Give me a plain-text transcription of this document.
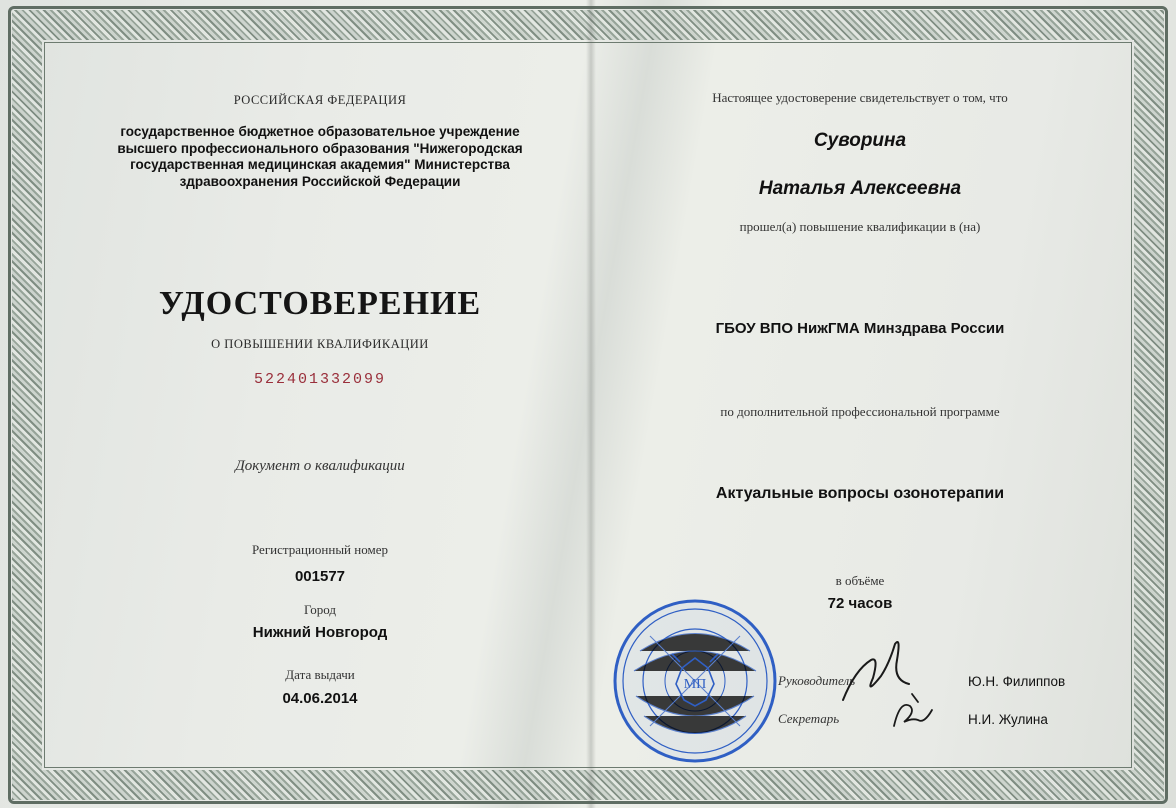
РОССИЙСКАЯ ФЕДЕРАЦИЯ
государственное бюджетное образовательное учреждение высшего профессионального образования "Нижегородская государственная медицинская академия" Министерства здравоохранения Российской Федерации
УДОСТОВЕРЕНИЕ
О ПОВЫШЕНИИ КВАЛИФИКАЦИИ
522401332099
Документ о квалификации
Регистрационный номер
001577
Город
Нижний Новгород
Дата выдачи
04.06.2014
Настоящее удостоверение свидетельствует о том, что
Суворина
Наталья Алексеевна
прошел(а) повышение квалификации в (на)
ГБОУ ВПО НижГМА Минздрава России
по дополнительной профессиональной программе
Актуальные вопросы озонотерапии
в объёме
72 часов
Руководитель	Ю.Н. Филиппов
Секретарь	Н.И. Жулина
МП
